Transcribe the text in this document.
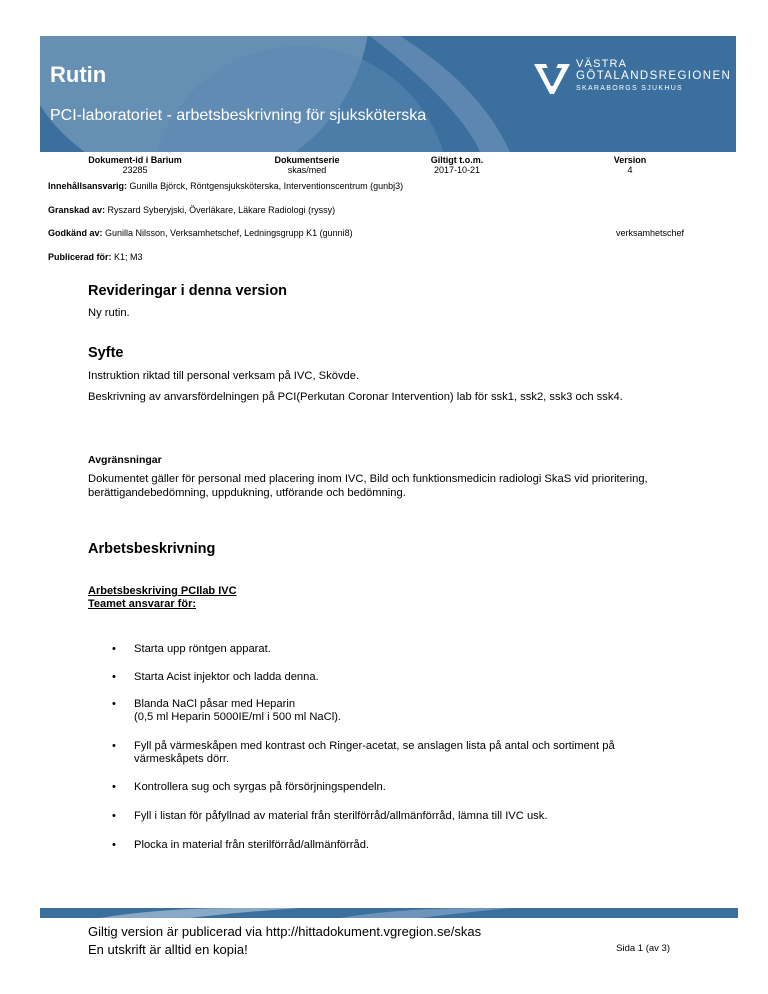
Rutin
PCI-laboratoriet - arbetsbeskrivning för sjuksköterska
VÄSTRA
GÖTALANDSREGIONEN
SKARABORGS SJUKHUS
Dokument-id i Barium
23285
Dokumentserie
skas/med
Giltigt t.o.m.
2017-10-21
Version
4
Innehållsansvarig: Gunilla Björck, Röntgensjuksköterska, Interventionscentrum (gunbj3)
Granskad av: Ryszard Syberyjski, Överläkare, Läkare Radiologi (ryssy)
Godkänd av: Gunilla Nilsson, Verksamhetschef, Ledningsgrupp K1 (gunni8)	verksamhetschef
Publicerad för: K1; M3
Revideringar i denna version
Ny rutin.
Syfte
Instruktion riktad till personal verksam på IVC, Skövde.
Beskrivning av anvarsfördelningen på PCI(Perkutan Coronar Intervention) lab för ssk1, ssk2, ssk3 och ssk4.
Avgränsningar
Dokumentet gäller för personal med placering inom IVC, Bild och funktionsmedicin radiologi SkaS vid prioritering, berättigandebedömning, uppdukning, utförande och bedömning.
Arbetsbeskrivning
Arbetsbeskriving PCIlab IVC
Teamet ansvarar för:
• Starta upp röntgen apparat.
• Starta Acist injektor och ladda denna.
• Blanda NaCl påsar med Heparin
(0,5 ml Heparin 5000IE/ml i 500 ml NaCl).
• Fyll på värmeskåpen med kontrast och Ringer-acetat, se anslagen lista på antal och sortiment på värmeskåpets dörr.
• Kontrollera sug och syrgas på försörjningspendeln.
• Fyll i listan för påfyllnad av material från sterilförråd/allmänförråd, lämna till IVC usk.
• Plocka in material från sterilförråd/allmänförråd.
Giltig version är publicerad via http://hittadokument.vgregion.se/skas
En utskrift är alltid en kopia!	Sida 1 (av 3)
